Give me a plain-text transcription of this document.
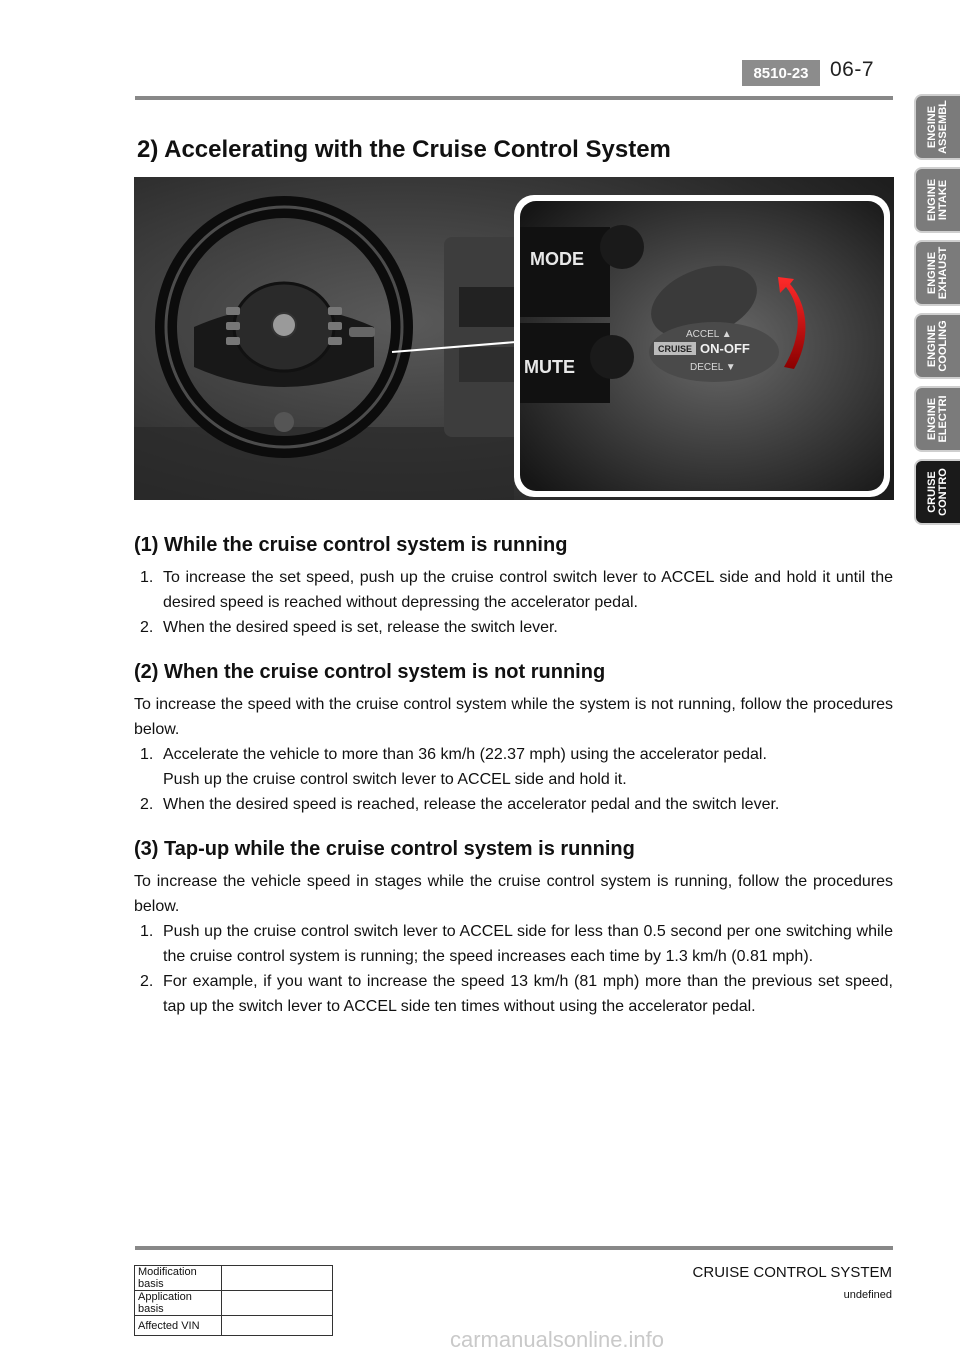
8510-23	06-7
ENGINE
ASSEMBL
ENGINE
INTAKE
ENGINE
EXHAUST
ENGINE
COOLING
ENGINE
ELECTRI
CRUISE
CONTRO
2) Accelerating with the Cruise Control System
MODE
MUTE
CRUISE ON-OFF
ACCEL ▲
DECEL ▼
(1) While the cruise control system is running
1. To increase the set speed, push up the cruise control switch lever to ACCEL side and hold it until the desired speed is reached without depressing the accelerator pedal.
2. When the desired speed is set, release the switch lever.
(2) When the cruise control system is not running

To increase the speed with the cruise control system while the system is not running, follow the procedures below.

1. Accelerate the vehicle to more than 36 km/h (22.37 mph) using the accelerator pedal.
Push up the cruise control switch lever to ACCEL side and hold it.
2. When the desired speed is reached, release the accelerator pedal and the switch lever.
(3) Tap-up while the cruise control system is running

To increase the vehicle speed in stages while the cruise control system is running, follow the procedures below.

1. Push up the cruise control switch lever to ACCEL side for less than 0.5 second per one switching while the cruise control system is running; the speed increases each time by 1.3 km/h (0.81 mph).
2. For example, if you want to increase the speed 13 km/h (81 mph) more than the previous set speed, tap up the switch lever to ACCEL side ten times without using the accelerator pedal.
CRUISE CONTROL SYSTEM
undefined
Modification basis	
Application basis	
Affected VIN	
carmanualsonline.info
